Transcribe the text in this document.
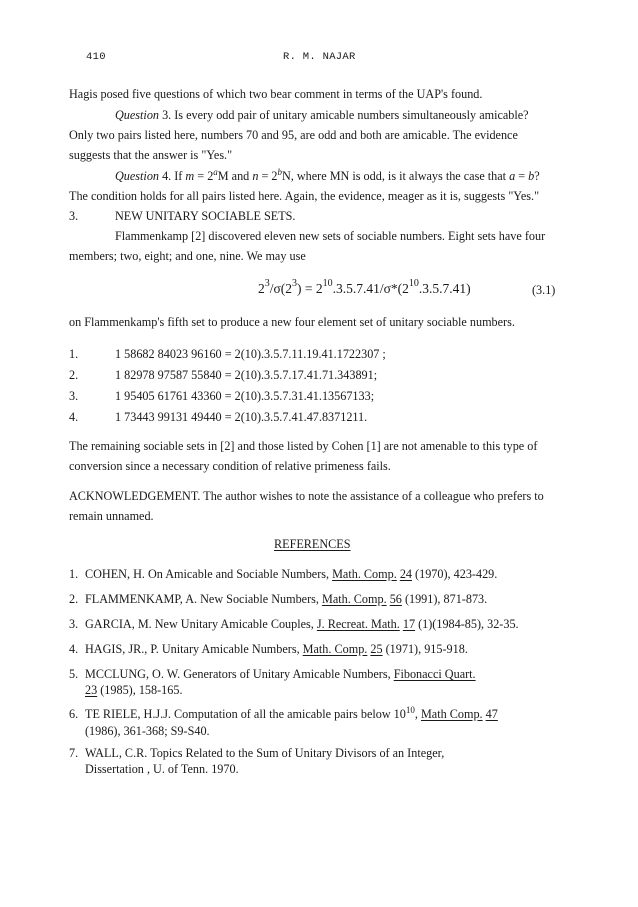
410	R. M. NAJAR
Hagis posed five questions of which two bear comment in terms of the UAP's found.
Question 3. Is every odd pair of unitary amicable numbers simultaneously amicable?
Only two pairs listed here, numbers 70 and 95, are odd and both are amicable. The evidence
suggests that the answer is "Yes."
Question 4. If $m = 2^aM$ and $n = 2^bN$, where MN is odd, is it always the case that a = b?
The condition holds for all pairs listed here. Again, the evidence, meager as it is, suggests "Yes."
3.	NEW UNITARY SOCIABLE SETS.
Flammenkamp [2] discovered eleven new sets of sociable numbers. Eight sets have four
members; two, eight; and one, nine. We may use
$2^3/\sigma(2^3) = 2^{10}.3.5.7.41/\sigma*(2^{10}.3.5.7.41)$	(3.1)
on Flammenkamp's fifth set to produce a new four element set of unitary sociable numbers.
1.	1 58682 84023 96160 = 2(10).3.5.7.11.19.41.1722307 ;
2.	1 82978 97587 55840 = 2(10).3.5.7.17.41.71.343891;
3.	1 95405 61761 43360 = 2(10).3.5.7.31.41.13567133;
4.	1 73443 99131 49440 = 2(10).3.5.7.41.47.8371211.
The remaining sociable sets in [2] and those listed by Cohen [1] are not amenable to this type of
conversion since a necessary condition of relative primeness fails.
ACKNOWLEDGEMENT. The author wishes to note the assistance of a colleague who prefers to
remain unnamed.
REFERENCES
1. COHEN, H. On Amicable and Sociable Numbers, Math. Comp. 24 (1970), 423-429.
2. FLAMMENKAMP, A. New Sociable Numbers, Math. Comp. 56 (1991), 871-873.
3. GARCIA, M. New Unitary Amicable Couples, J. Recreat. Math. 17 (1)(1984-85), 32-35.
4. HAGIS, JR., P. Unitary Amicable Numbers, Math. Comp. 25 (1971), 915-918.
5. MCCLUNG, O. W. Generators of Unitary Amicable Numbers, Fibonacci Quart.
23 (1985), 158-165.
6. TE RIELE, H.J.J. Computation of all the amicable pairs below $10^{10}$, Math Comp. 47
(1986), 361-368; S9-S40.
7. WALL, C.R. Topics Related to the Sum of Unitary Divisors of an Integer,
Dissertation , U. of Tenn. 1970.
